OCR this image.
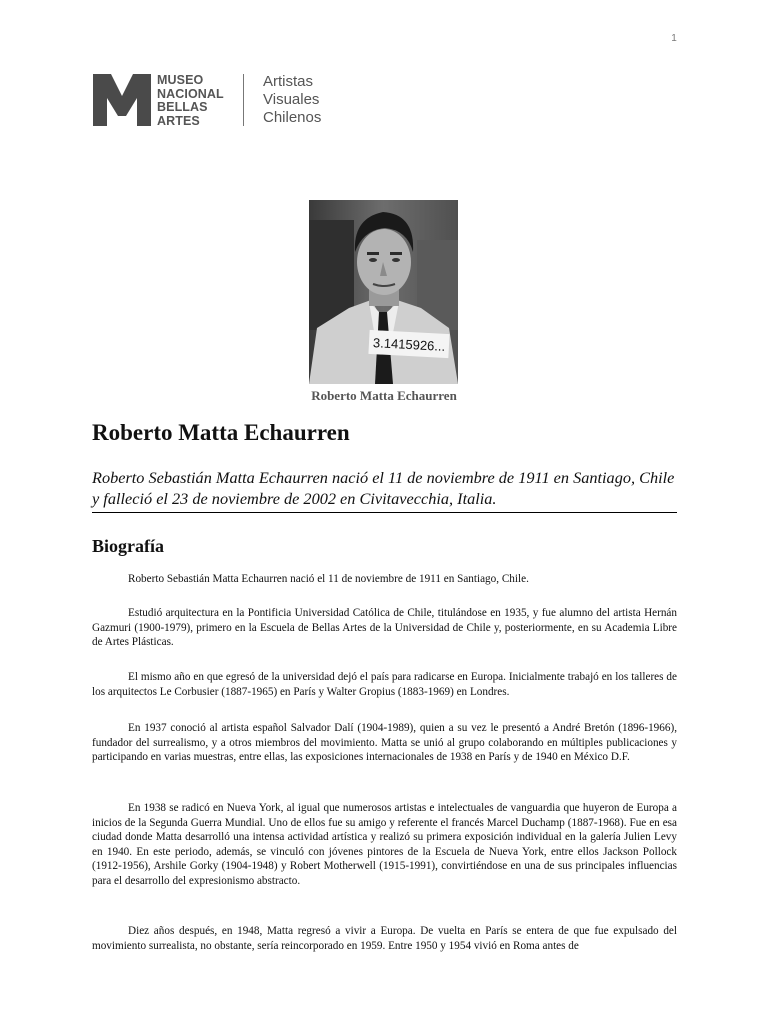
1
MUSEO
NACIONAL
BELLAS
ARTES
Artistas
Visuales
Chilenos
3.1415926...
Roberto Matta Echaurren
Roberto Matta Echaurren

Roberto Sebastián Matta Echaurren nació el 11 de noviembre de 1911 en Santiago, Chile y falleció el 23 de noviembre de 2002 en Civitavecchia, Italia.

Biografía

Roberto Sebastián Matta Echaurren nació el 11 de noviembre de 1911 en Santiago, Chile.

Estudió arquitectura en la Pontificia Universidad Católica de Chile, titulándose en 1935, y fue alumno del artista Hernán Gazmuri (1900-1979), primero en la Escuela de Bellas Artes de la Universidad de Chile y, posteriormente, en su Academia Libre de Artes Plásticas.

El mismo año en que egresó de la universidad dejó el país para radicarse en Europa. Inicialmente trabajó en los talleres de los arquitectos Le Corbusier (1887-1965) en París y Walter Gropius (1883-1969) en Londres.

En 1937 conoció al artista español Salvador Dalí (1904-1989), quien a su vez le presentó a André Bretón (1896-1966), fundador del surrealismo, y a otros miembros del movimiento. Matta se unió al grupo colaborando en múltiples publicaciones y participando en varias muestras, entre ellas, las exposiciones internacionales de 1938 en París y de 1940 en México D.F.

En 1938 se radicó en Nueva York, al igual que numerosos artistas e intelectuales de vanguardia que huyeron de Europa a inicios de la Segunda Guerra Mundial. Uno de ellos fue su amigo y referente el francés Marcel Duchamp (1887-1968). Fue en esa ciudad donde Matta desarrolló una intensa actividad artística y realizó su primera exposición individual en la galería Julien Levy en 1940. En este periodo, además, se vinculó con jóvenes pintores de la Escuela de Nueva York, entre ellos Jackson Pollock (1912-1956), Arshile Gorky (1904-1948) y Robert Motherwell (1915-1991), convirtiéndose en una de sus principales influencias para el desarrollo del expresionismo abstracto.

Diez años después, en 1948, Matta regresó a vivir a Europa. De vuelta en París se entera de que fue expulsado del movimiento surrealista, no obstante, sería reincorporado en 1959. Entre 1950 y 1954 vivió en Roma antes de
